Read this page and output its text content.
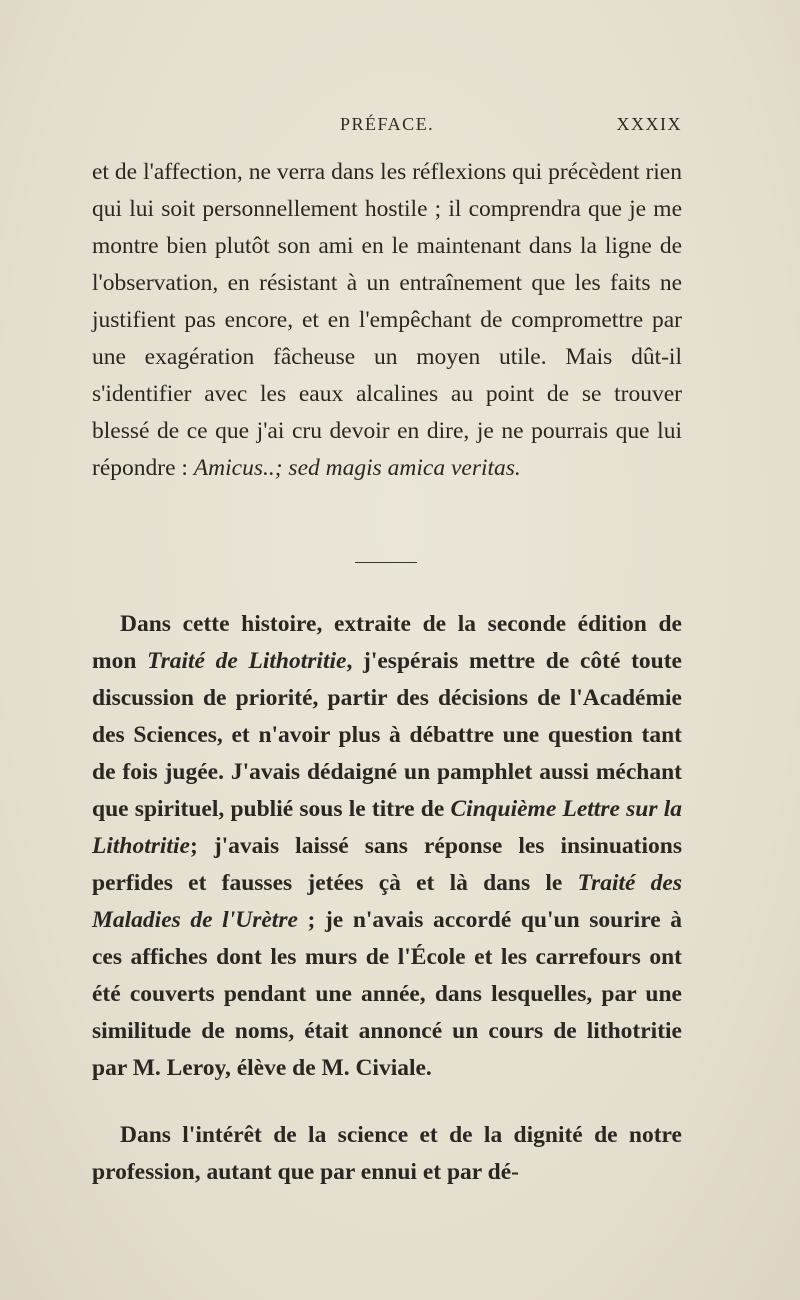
PRÉFACE.	XXXIX

et de l'affection, ne verra dans les réflexions qui précèdent rien qui lui soit personnellement hostile ; il comprendra que je me montre bien plutôt son ami en le maintenant dans la ligne de l'observation, en résistant à un entraînement que les faits ne justifient pas encore, et en l'empêchant de compromettre par une exagération fâcheuse un moyen utile. Mais dût-il s'identifier avec les eaux alcalines au point de se trouver blessé de ce que j'ai cru devoir en dire, je ne pourrais que lui répondre : Amicus..; sed magis amica veritas.

Dans cette histoire, extraite de la seconde édition de mon Traité de Lithotritie, j'espérais mettre de côté toute discussion de priorité, partir des décisions de l'Académie des Sciences, et n'avoir plus à débattre une question tant de fois jugée. J'avais dédaigné un pamphlet aussi méchant que spirituel, publié sous le titre de Cinquième Lettre sur la Lithotritie; j'avais laissé sans réponse les insinuations perfides et fausses jetées çà et là dans le Traité des Maladies de l'Urètre ; je n'avais accordé qu'un sourire à ces affiches dont les murs de l'École et les carrefours ont été couverts pendant une année, dans lesquelles, par une similitude de noms, était annoncé un cours de lithotritie par M. Leroy, élève de M. Civiale.

Dans l'intérêt de la science et de la dignité de notre profession, autant que par ennui et par dé-
